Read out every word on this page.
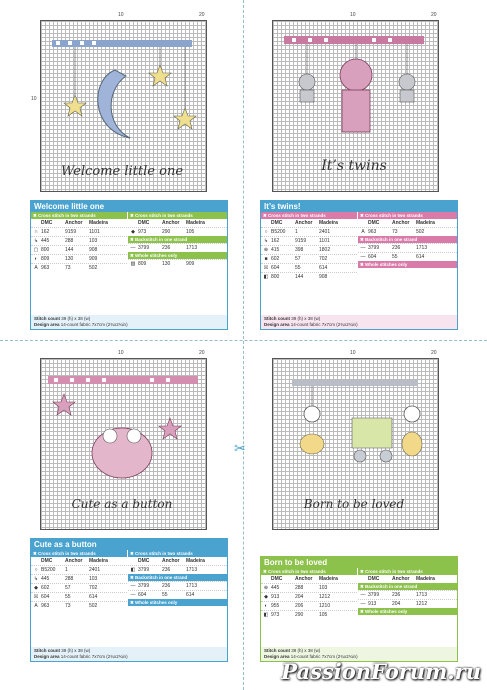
✂
10	20
10
Welcome little one
Welcome little one
✖ Cross stitch in two strands
DMC	Anchor	Madeira
∩ 162	9159	1101
↳ 445	288	103
▢ 800	144	908
◐ 809	130	909
A 963	73	502
✖ Cross stitch in two strands
DMC	Anchor	Madeira
◆ 973	290	105
✖ Backstitch in one strand
— 3799	236	1713
✖ Whole stitches only
▨ 809	130	909
Stitch count 39 (h) x 38 (w)
Design area 14-count fabric 7x7cm (2¾x2¾in)
10	20
It’s twins
It’s twins!
✖ Cross stitch in two strands
DMC	Anchor	Madeira
○ B5200	1	2401
↳ 162	9159	1101
⊕ 415	398	1802
■ 602	57	702
☒ 604	55	614
◧ 800	144	908
✖ Cross stitch in two strands
DMC	Anchor	Madeira
A 963	73	502
✖ Backstitch in one strand
— 3799	236	1713
— 604	55	614
✖ Whole stitches only
Stitch count 39 (h) x 38 (w)
Design area 14-count fabric 7x7cm (2¾x2¾in)
10	20
Cute as a button
Cute as a button
✖ Cross stitch in two strands
DMC	Anchor	Madeira
○ B5200	1	2401
↳ 445	288	103
◆ 602	57	702
☒ 604	55	614
A 963	73	502
✖ Cross stitch in two strands
DMC	Anchor	Madeira
◧ 3799	236	1713
✖ Backstitch in one strand
— 3799	236	1713
— 604	55	614
✖ Whole stitches only
Stitch count 39 (h) x 38 (w)
Design area 14-count fabric 7x7cm (2¾x2¾in)
10	20
Born to be loved
Born to be loved
✖ Cross stitch in two strands
DMC	Anchor	Madeira
⊕ 445	288	103
◆ 913	204	1212
◐ 955	206	1210
◧ 973	290	105
✖ Cross stitch in two strands
DMC	Anchor	Madeira
✖ Backstitch in one strand
— 3799	236	1713
— 913	204	1212
✖ Whole stitches only
Stitch count 39 (h) x 38 (w)
Design area 14-count fabric 7x7cm (2¾x2¾in)
PassionForum.ru
